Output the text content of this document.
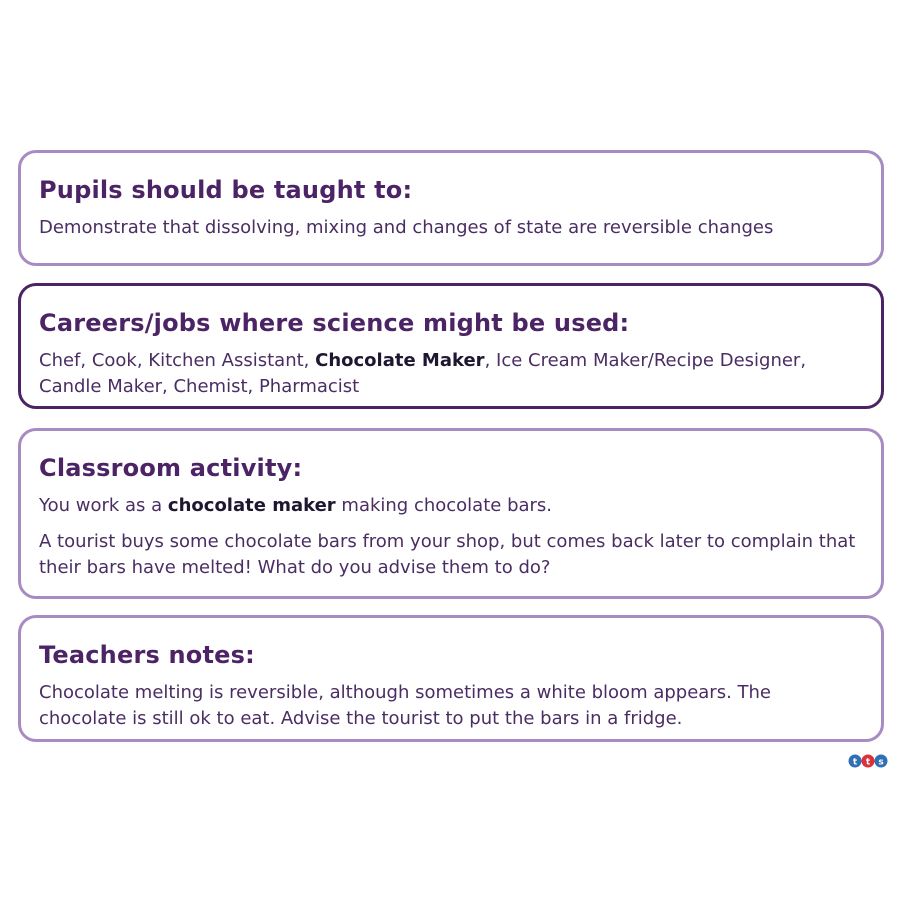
Pupils should be taught to:

Demonstrate that dissolving, mixing and changes of state are reversible changes

Careers/jobs where science might be used:

Chef, Cook, Kitchen Assistant, Chocolate Maker, Ice Cream Maker/Recipe Designer, Candle Maker, Chemist, Pharmacist

Classroom activity:

You work as a chocolate maker making chocolate bars.

A tourist buys some chocolate bars from your shop, but comes back later to complain that their bars have melted! What do you advise them to do?

Teachers notes:

Chocolate melting is reversible, although sometimes a white bloom appears. The chocolate is still ok to eat. Advise the tourist to put the bars in a fridge.

t t s
